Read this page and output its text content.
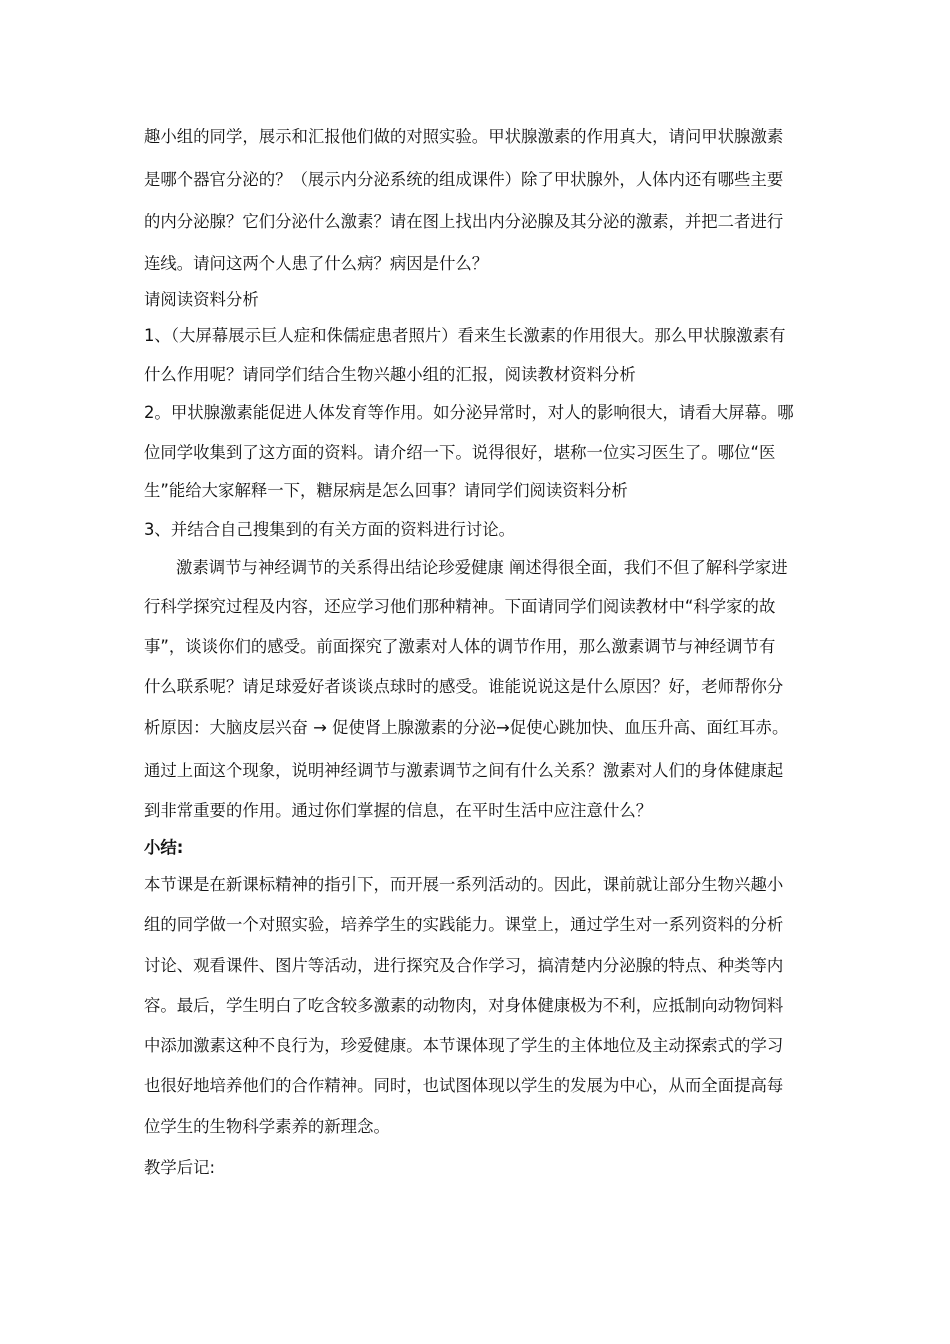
趣小组的同学，展示和汇报他们做的对照实验。甲状腺激素的作用真大，请问甲状腺激素
是哪个器官分泌的？（展示内分泌系统的组成课件）除了甲状腺外，人体内还有哪些主要
的内分泌腺？它们分泌什么激素？请在图上找出内分泌腺及其分泌的激素，并把二者进行
连线。请问这两个人患了什么病？病因是什么？
请阅读资料分析
1、（大屏幕展示巨人症和侏儒症患者照片）看来生长激素的作用很大。那么甲状腺激素有
什么作用呢？请同学们结合生物兴趣小组的汇报，阅读教材资料分析
2。甲状腺激素能促进人体发育等作用。如分泌异常时，对人的影响很大，请看大屏幕。哪
位同学收集到了这方面的资料。请介绍一下。说得很好，堪称一位实习医生了。哪位“医
生”能给大家解释一下，糖尿病是怎么回事？请同学们阅读资料分析
3、并结合自己搜集到的有关方面的资料进行讨论。
激素调节与神经调节的关系得出结论珍爱健康 阐述得很全面，我们不但了解科学家进
行科学探究过程及内容，还应学习他们那种精神。下面请同学们阅读教材中“科学家的故
事”，谈谈你们的感受。前面探究了激素对人体的调节作用，那么激素调节与神经调节有
什么联系呢？请足球爱好者谈谈点球时的感受。谁能说说这是什么原因？好，老师帮你分
析原因：大脑皮层兴奋 → 促使肾上腺激素的分泌→促使心跳加快、血压升高、面红耳赤。
通过上面这个现象，说明神经调节与激素调节之间有什么关系？激素对人们的身体健康起
到非常重要的作用。通过你们掌握的信息，在平时生活中应注意什么？
小结:
本节课是在新课标精神的指引下，而开展一系列活动的。因此，课前就让部分生物兴趣小
组的同学做一个对照实验，培养学生的实践能力。课堂上，通过学生对一系列资料的分析
讨论、观看课件、图片等活动，进行探究及合作学习，搞清楚内分泌腺的特点、种类等内
容。最后，学生明白了吃含较多激素的动物肉，对身体健康极为不利，应抵制向动物饲料
中添加激素这种不良行为，珍爱健康。本节课体现了学生的主体地位及主动探索式的学习
也很好地培养他们的合作精神。同时，也试图体现以学生的发展为中心，从而全面提高每
位学生的生物科学素养的新理念。
教学后记:
